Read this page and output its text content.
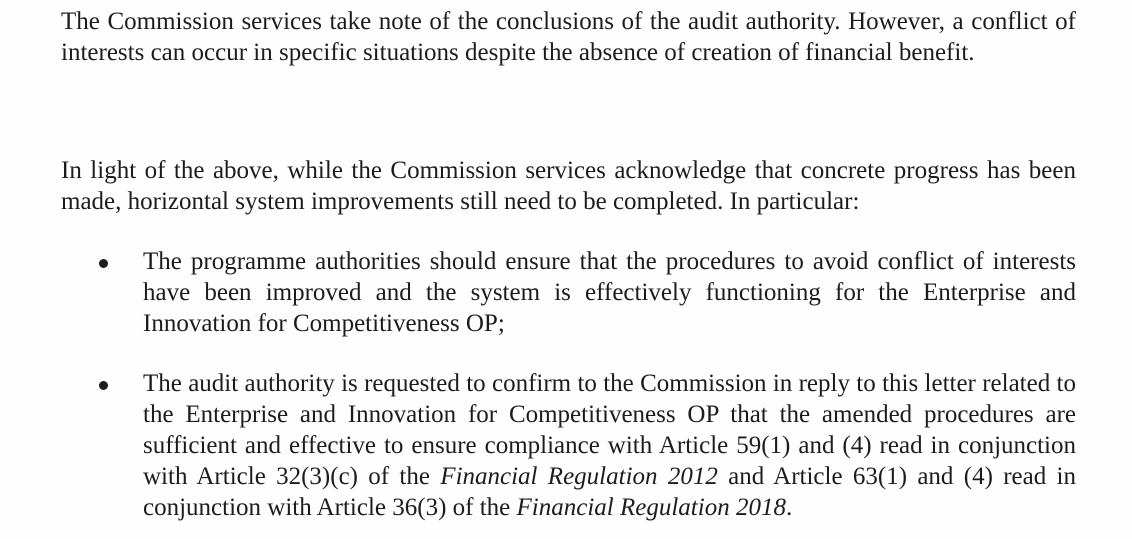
The Commission services take note of the conclusions of the audit authority. However, a conflict of interests can occur in specific situations despite the absence of creation of financial benefit.

In light of the above, while the Commission services acknowledge that concrete progress has been made, horizontal system improvements still need to be completed. In particular:

The programme authorities should ensure that the procedures to avoid conflict of interests have been improved and the system is effectively functioning for the Enterprise and Innovation for Competitiveness OP;

The audit authority is requested to confirm to the Commission in reply to this letter related to the Enterprise and Innovation for Competitiveness OP that the amended procedures are sufficient and effective to ensure compliance with Article 59(1) and (4) read in conjunction with Article 32(3)(c) of the Financial Regulation 2012 and Article 63(1) and (4) read in conjunction with Article 36(3) of the Financial Regulation 2018.
